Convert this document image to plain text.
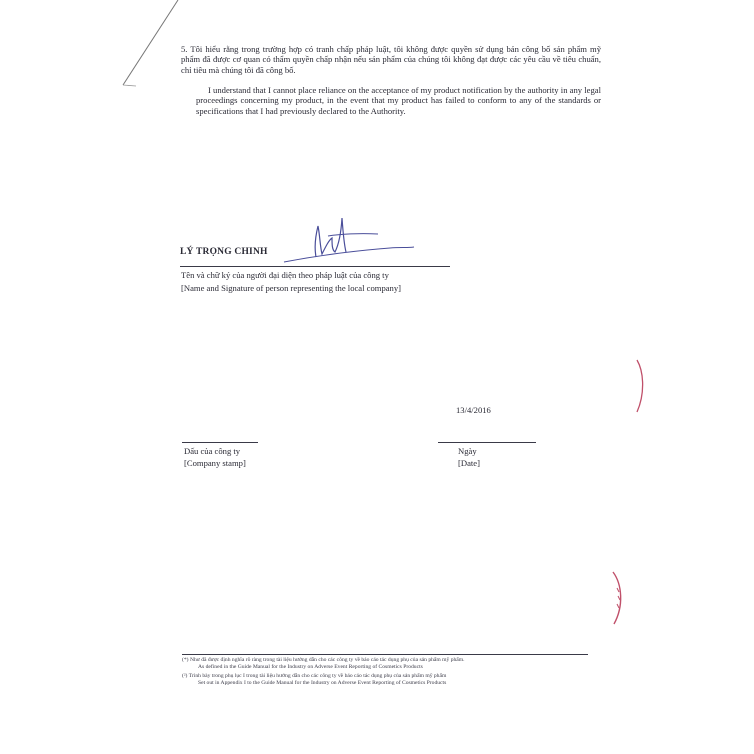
5. Tôi hiểu rằng trong trường hợp có tranh chấp pháp luật, tôi không được quyền sử dụng bản công bố sản phẩm mỹ phẩm đã được cơ quan có thẩm quyền chấp nhận nếu sản phẩm của chúng tôi không đạt được các yêu cầu về tiêu chuẩn, chỉ tiêu mà chúng tôi đã công bố.
I understand that I cannot place reliance on the acceptance of my product notification by the authority in any legal proceedings concerning my product, in the event that my product has failed to conform to any of the standards or specifications that I had previously declared to the Authority.
LÝ TRỌNG CHINH
Tên và chữ ký của người đại diện theo pháp luật của công ty
[Name and Signature of person representing the local company]
13/4/2016
Ngày
[Date]
Dấu của công ty
[Company stamp]
(*) Như đã được định nghĩa rõ ràng trong tài liệu hướng dẫn cho các công ty về báo cáo tác dụng phụ của sản phẩm mỹ phẩm.
As defined in the Guide Manual for the Industry on Adverse Event Reporting of Cosmetics Products
(²) Trình bày trong phụ lục I trong tài liệu hướng dẫn cho các công ty về báo cáo tác dụng phụ của sản phẩm mỹ phẩm
Set out in Appendix I to the Guide Manual for the Industry on Adverse Event Reporting of Cosmetics Products
